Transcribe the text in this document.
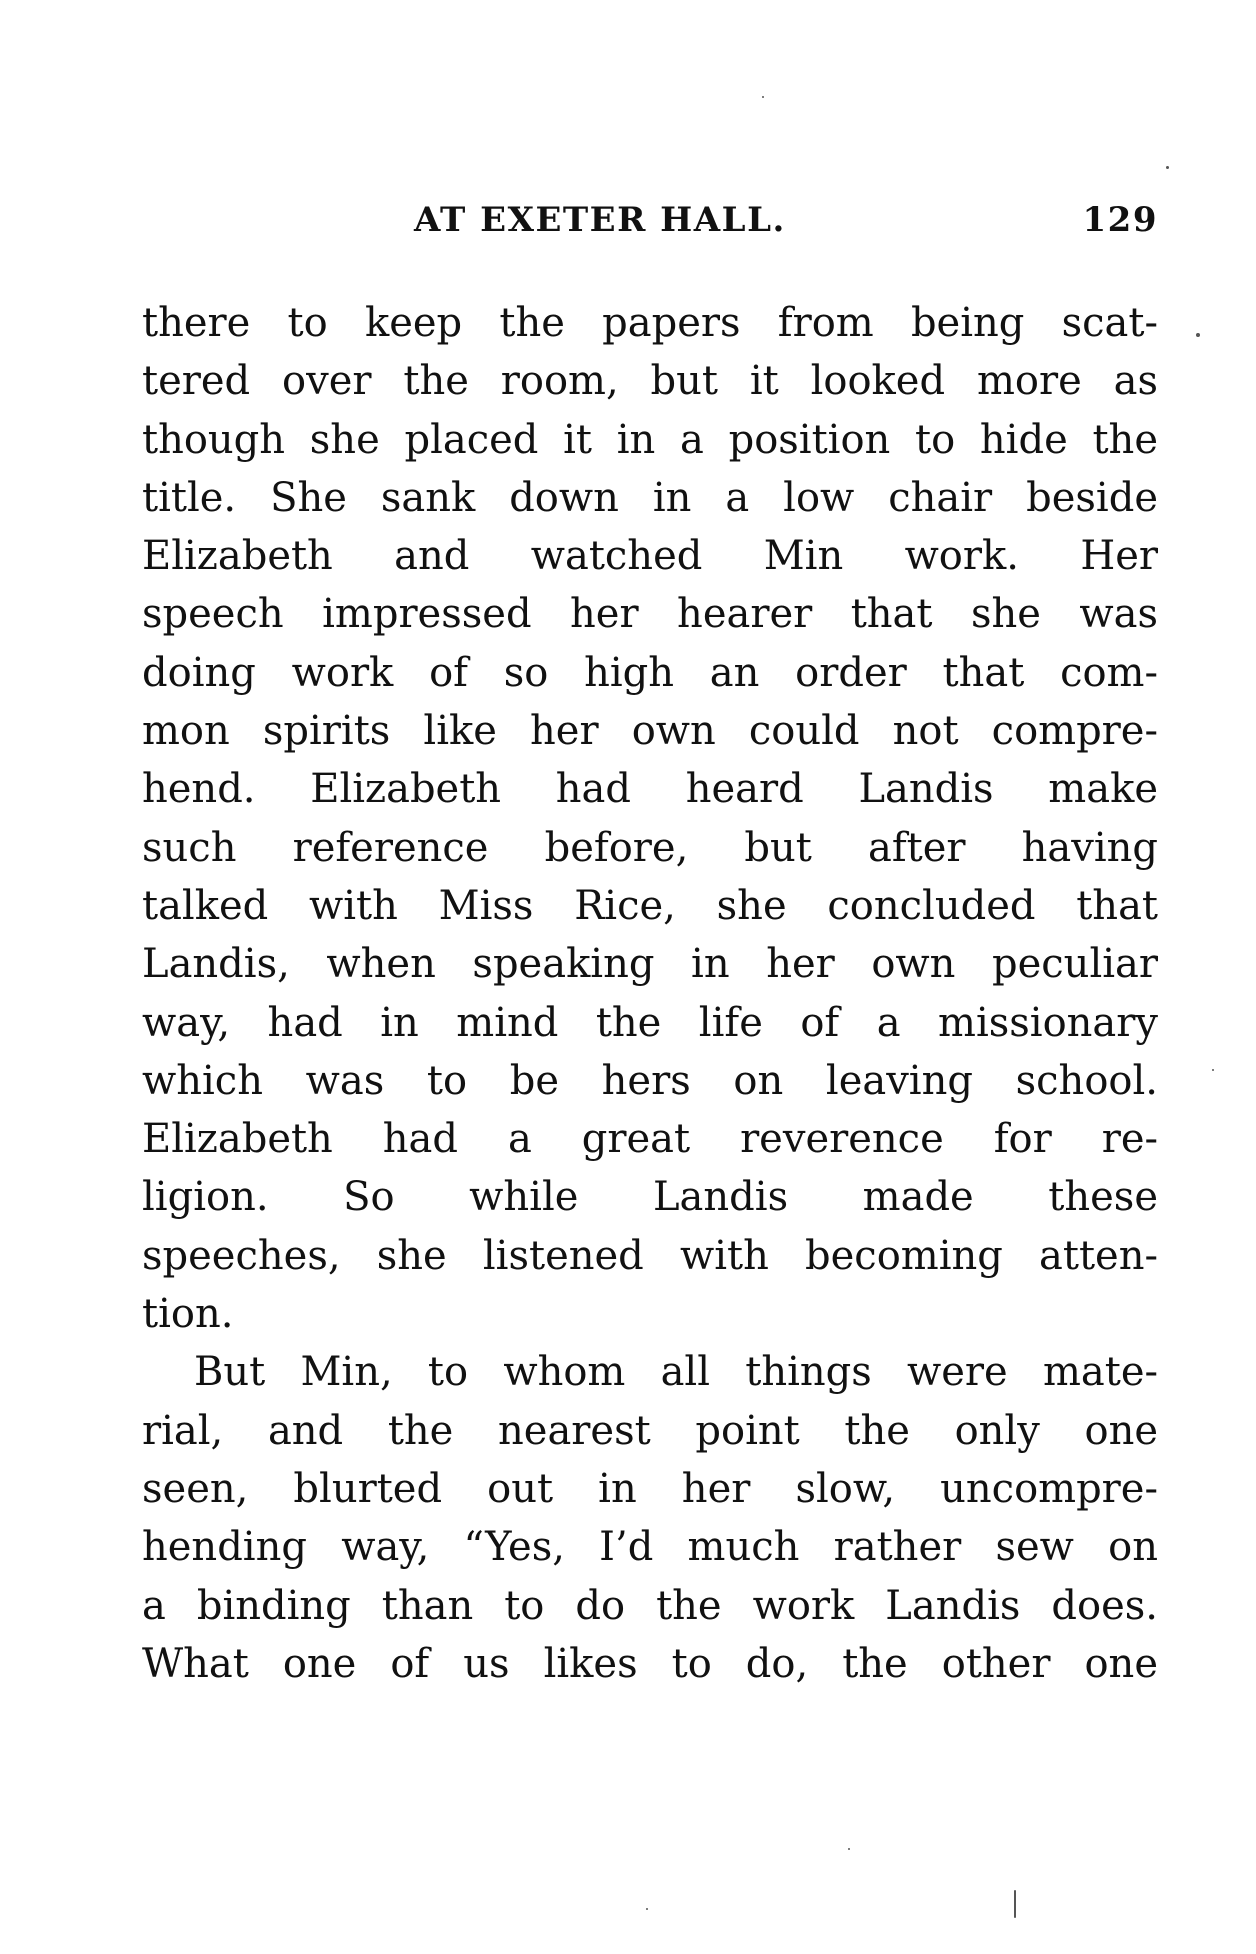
AT EXETER HALL.	129
there to keep the papers from being scat-
tered over the room, but it looked more as
though she placed it in a position to hide the
title. She sank down in a low chair beside
Elizabeth and watched Min work. Her
speech impressed her hearer that she was
doing work of so high an order that com-
mon spirits like her own could not compre-
hend. Elizabeth had heard Landis make
such reference before, but after having
talked with Miss Rice, she concluded that
Landis, when speaking in her own peculiar
way, had in mind the life of a missionary
which was to be hers on leaving school.
Elizabeth had a great reverence for re-
ligion. So while Landis made these
speeches, she listened with becoming atten-
tion.
But Min, to whom all things were mate-
rial, and the nearest point the only one
seen, blurted out in her slow, uncompre-
hending way, “Yes, I’d much rather sew on
a binding than to do the work Landis does.
What one of us likes to do, the other one
